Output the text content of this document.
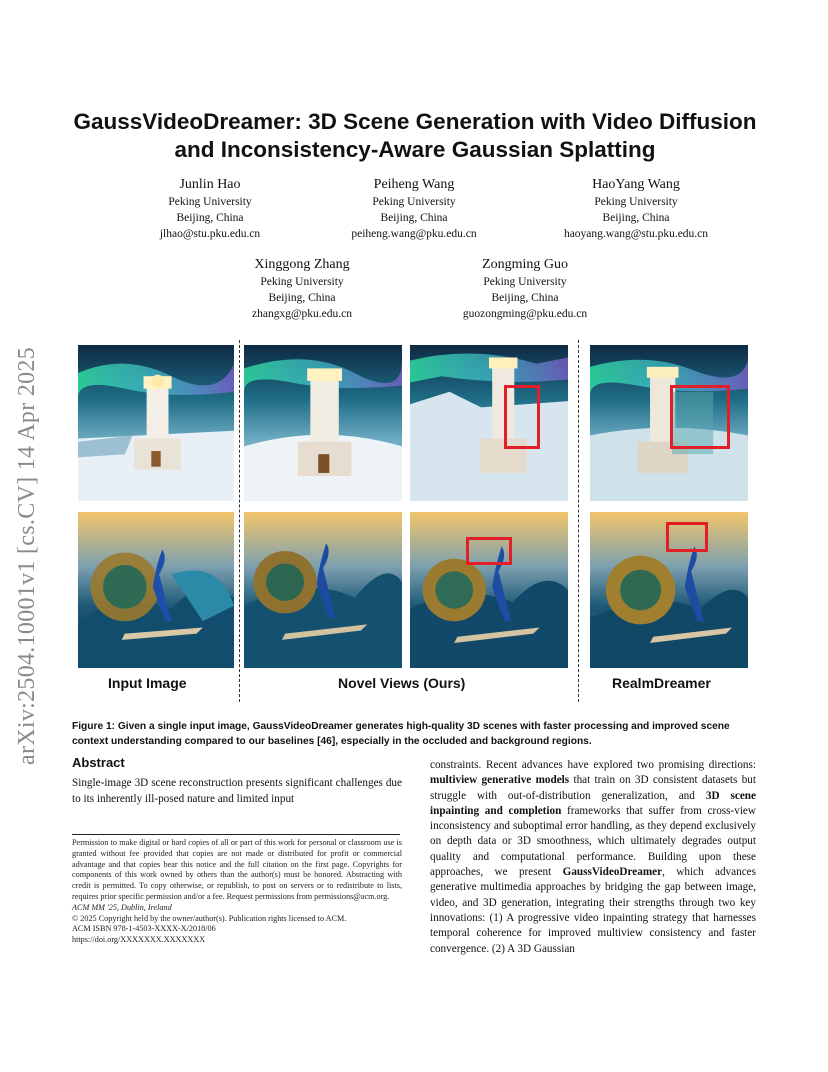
arXiv:2504.10001v1 [cs.CV] 14 Apr 2025
GaussVideoDreamer: 3D Scene Generation with Video Diffusion
and Inconsistency-Aware Gaussian Splatting
Junlin Hao
Peking University
Beijing, China
jlhao@stu.pku.edu.cn
Peiheng Wang
Peking University
Beijing, China
peiheng.wang@pku.edu.cn
HaoYang Wang
Peking University
Beijing, China
haoyang.wang@stu.pku.edu.cn
Xinggong Zhang
Peking University
Beijing, China
zhangxg@pku.edu.cn
Zongming Guo
Peking University
Beijing, China
guozongming@pku.edu.cn
Input Image	Novel Views (Ours)	RealmDreamer
Figure 1: Given a single input image, GaussVideoDreamer generates high-quality 3D scenes with faster processing and improved scene context understanding compared to our baselines [46], especially in the occluded and background regions.
Abstract
Single-image 3D scene reconstruction presents significant challenges due to its inherently ill-posed nature and limited input
Permission to make digital or hard copies of all or part of this work for personal or classroom use is granted without fee provided that copies are not made or distributed for profit or commercial advantage and that copies bear this notice and the full citation on the first page. Copyrights for components of this work owned by others than the author(s) must be honored. Abstracting with credit is permitted. To copy otherwise, or republish, to post on servers or to redistribute to lists, requires prior specific permission and/or a fee. Request permissions from permissions@acm.org.
ACM MM '25, Dublin, Ireland
© 2025 Copyright held by the owner/author(s). Publication rights licensed to ACM.
ACM ISBN 978-1-4503-XXXX-X/2018/06
https://doi.org/XXXXXXX.XXXXXXX
constraints. Recent advances have explored two promising directions: multiview generative models that train on 3D consistent datasets but struggle with out-of-distribution generalization, and 3D scene inpainting and completion frameworks that suffer from cross-view inconsistency and suboptimal error handling, as they depend exclusively on depth data or 3D smoothness, which ultimately degrades output quality and computational performance. Building upon these approaches, we present GaussVideoDreamer, which advances generative multimedia approaches by bridging the gap between image, video, and 3D generation, integrating their strengths through two key innovations: (1) A progressive video inpainting strategy that harnesses temporal coherence for improved multiview consistency and faster convergence. (2) A 3D Gaussian
